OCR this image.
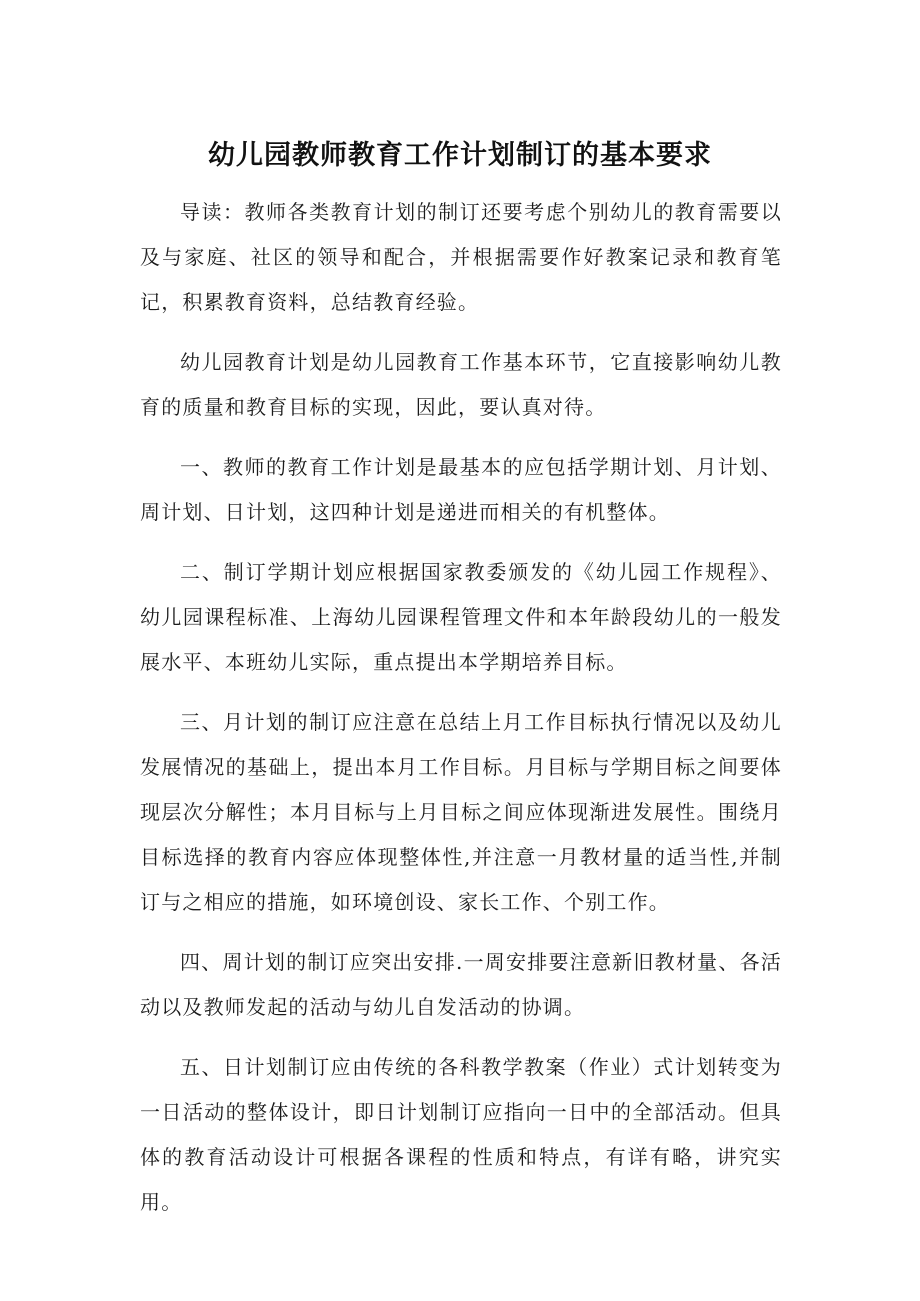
幼儿园教师教育工作计划制订的基本要求

导读：教师各类教育计划的制订还要考虑个别幼儿的教育需要以及与家庭、社区的领导和配合，并根据需要作好教案记录和教育笔记，积累教育资料，总结教育经验。

幼儿园教育计划是幼儿园教育工作基本环节，它直接影响幼儿教育的质量和教育目标的实现，因此，要认真对待。

一、教师的教育工作计划是最基本的应包括学期计划、月计划、周计划、日计划，这四种计划是递进而相关的有机整体。

二、制订学期计划应根据国家教委颁发的《幼儿园工作规程》、幼儿园课程标准、上海幼儿园课程管理文件和本年龄段幼儿的一般发展水平、本班幼儿实际，重点提出本学期培养目标。

三、月计划的制订应注意在总结上月工作目标执行情况以及幼儿发展情况的基础上，提出本月工作目标。月目标与学期目标之间要体现层次分解性；本月目标与上月目标之间应体现渐进发展性。围绕月目标选择的教育内容应体现整体性,并注意一月教材量的适当性,并制订与之相应的措施，如环境创设、家长工作、个别工作。

四、周计划的制订应突出安排.一周安排要注意新旧教材量、各活动以及教师发起的活动与幼儿自发活动的协调。

五、日计划制订应由传统的各科教学教案（作业）式计划转变为一日活动的整体设计，即日计划制订应指向一日中的全部活动。但具体的教育活动设计可根据各课程的性质和特点，有详有略，讲究实用。
